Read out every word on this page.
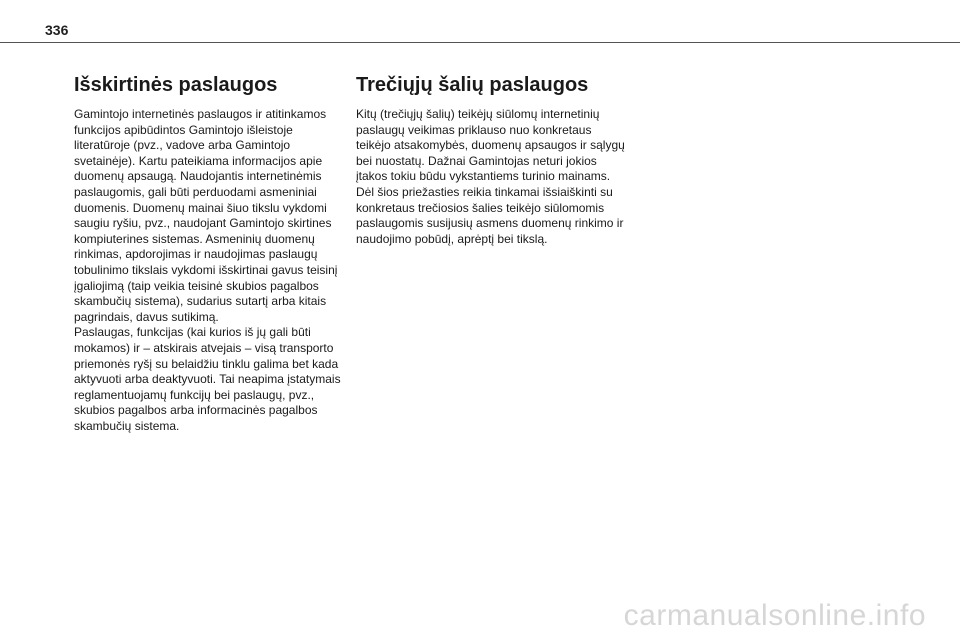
336
Išskirtinės paslaugos

Gamintojo internetinės paslaugos ir atitinkamos funkcijos apibūdintos Gamintojo išleistoje literatūroje (pvz., vadove arba Gamintojo svetainėje). Kartu pateikiama informacijos apie duomenų apsaugą. Naudojantis internetinėmis paslaugomis, gali būti perduodami asmeniniai duomenis. Duomenų mainai šiuo tikslu vykdomi saugiu ryšiu, pvz., naudojant Gamintojo skirtines kompiuterines sistemas. Asmeninių duomenų rinkimas, apdorojimas ir naudojimas paslaugų tobulinimo tikslais vykdomi išskirtinai gavus teisinį įgaliojimą (taip veikia teisinė skubios pagalbos skambučių sistema), sudarius sutartį arba kitais pagrindais, davus sutikimą.

Paslaugas, funkcijas (kai kurios iš jų gali būti mokamos) ir – atskirais atvejais – visą transporto priemonės ryšį su belaidžiu tinklu galima bet kada aktyvuoti arba deaktyvuoti. Tai neapima įstatymais reglamentuojamų funkcijų bei paslaugų, pvz., skubios pagalbos arba informacinės pagalbos skambučių sistema.

Trečiųjų šalių paslaugos

Kitų (trečiųjų šalių) teikėjų siūlomų internetinių paslaugų veikimas priklauso nuo konkretaus teikėjo atsakomybės, duomenų apsaugos ir sąlygų bei nuostatų. Dažnai Gamintojas neturi jokios įtakos tokiu būdu vykstantiems turinio mainams.

Dėl šios priežasties reikia tinkamai išsiaiškinti su konkretaus trečiosios šalies teikėjo siūlomomis paslaugomis susijusių asmens duomenų rinkimo ir naudojimo pobūdį, aprėptį bei tikslą.

carmanualsonline.info
